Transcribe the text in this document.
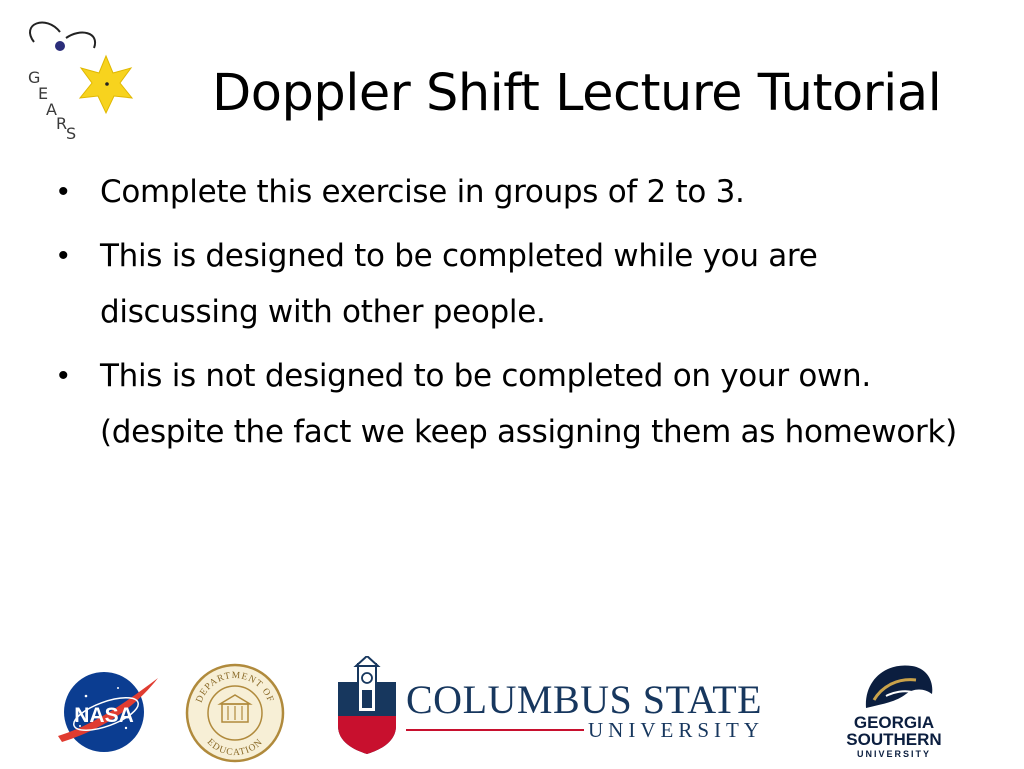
G
E
A
R
S
Doppler Shift Lecture Tutorial
• Complete this exercise in groups of 2 to 3.
• This is designed to be completed while you are discussing with other people.
• This is not designed to be completed on your own. (despite the fact we keep assigning them as homework)
NASA
DEPARTMENT OF
EDUCATION
COLUMBUS STATE
UNIVERSITY	GEORGIA
SOUTHERN
UNIVERSITY
